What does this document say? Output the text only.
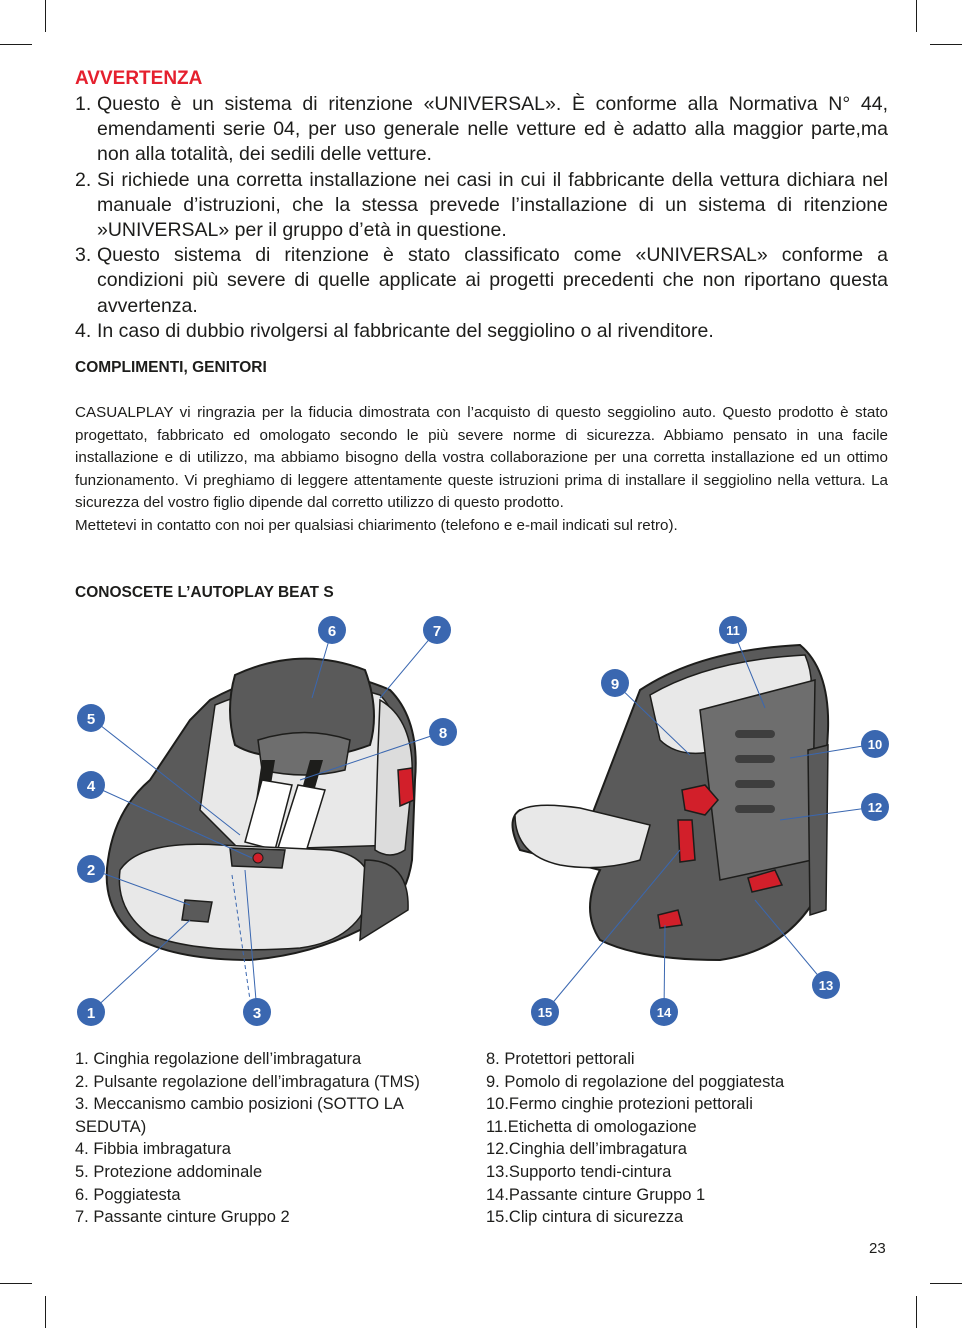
AVVERTENZA
1. Questo è un sistema di ritenzione «UNIVERSAL». È conforme alla Normativa N° 44, emendamenti serie 04, per uso generale nelle vetture ed è adatto alla maggior parte,ma non alla totalità, dei sedili delle vetture.
2. Si richiede una corretta installazione nei casi in cui il fabbricante della vettura dichiara nel manuale d’istruzioni, che la stessa prevede l’installazione di un sistema di ritenzione »UNIVERSAL» per il gruppo d’età in questione.
3. Questo sistema di ritenzione è stato classificato come «UNIVERSAL» conforme a condizioni più severe di quelle applicate ai progetti precedenti che non riportano questa avvertenza.
4. In caso di dubbio rivolgersi al fabbricante del seggiolino o al rivenditore.
COMPLIMENTI, GENITORI

CASUALPLAY vi ringrazia per la fiducia dimostrata con l’acquisto di questo seggiolino auto. Questo prodotto è stato progettato, fabbricato ed omologato secondo le più severe norme di sicurezza. Abbiamo pensato in una facile installazione e di utilizzo, ma abbiamo bisogno della vostra collaborazione per una corretta installazione ed un ottimo funzionamento. Vi preghiamo di leggere attentamente queste istruzioni prima di installare il seggiolino nella vettura. La sicurezza del vostro figlio dipende dal corretto utilizzo di questo prodotto.

Mettetevi in contatto con noi per qualsiasi chiarimento (telefono e e-mail indicati sul retro).

CONOSCETE L’AUTOPLAY BEAT S
6	7
5
8
4
2
1	3
11
9
10
12
13
15	14
1. Cinghia regolazione dell’imbragatura
2. Pulsante regolazione dell’imbragatura (TMS)
3. Meccanismo cambio posizioni (SOTTO LA
SEDUTA)
4. Fibbia imbragatura
5. Protezione addominale
6. Poggiatesta
7. Passante cinture Gruppo 2
8. Protettori pettorali
9. Pomolo di regolazione del poggiatesta
10.Fermo cinghie protezioni pettorali
11.Etichetta di omologazione
12.Cinghia dell’imbragatura
13.Supporto tendi-cintura
14.Passante cinture Gruppo 1
15.Clip cintura di sicurezza
23
